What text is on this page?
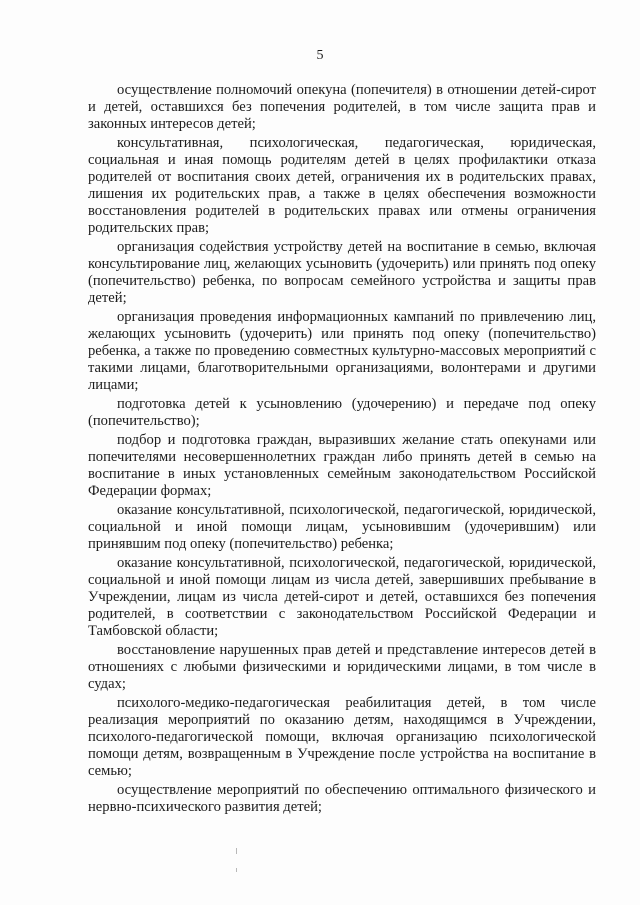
5

осуществление полномочий опекуна (попечителя) в отношении детей-сирот и детей, оставшихся без попечения родителей, в том числе защита прав и законных интересов детей;

консультативная, психологическая, педагогическая, юридическая, социальная и иная помощь родителям детей в целях профилактики отказа родителей от воспитания своих детей, ограничения их в родительских правах, лишения их родительских прав, а также в целях обеспечения возможности восстановления родителей в родительских правах или отмены ограничения родительских прав;

организация содействия устройству детей на воспитание в семью, включая консультирование лиц, желающих усыновить (удочерить) или принять под опеку (попечительство) ребенка, по вопросам семейного устройства и защиты прав детей;

организация проведения информационных кампаний по привлечению лиц, желающих усыновить (удочерить) или принять под опеку (попечительство) ребенка, а также по проведению совместных культурно-массовых мероприятий с такими лицами, благотворительными организациями, волонтерами и другими лицами;

подготовка детей к усыновлению (удочерению) и передаче под опеку (попечительство);

подбор и подготовка граждан, выразивших желание стать опекунами или попечителями несовершеннолетних граждан либо принять детей в семью на воспитание в иных установленных семейным законодательством Российской Федерации формах;

оказание консультативной, психологической, педагогической, юридической, социальной и иной помощи лицам, усыновившим (удочерившим) или принявшим под опеку (попечительство) ребенка;

оказание консультативной, психологической, педагогической, юридической, социальной и иной помощи лицам из числа детей, завершивших пребывание в Учреждении, лицам из числа детей-сирот и детей, оставшихся без попечения родителей, в соответствии с законодательством Российской Федерации и Тамбовской области;

восстановление нарушенных прав детей и представление интересов детей в отношениях с любыми физическими и юридическими лицами, в том числе в судах;

психолого-медико-педагогическая реабилитация детей, в том числе реализация мероприятий по оказанию детям, находящимся в Учреждении, психолого-педагогической помощи, включая организацию психологической помощи детям, возвращенным в Учреждение после устройства на воспитание в семью;

осуществление мероприятий по обеспечению оптимального физического и нервно-психического развития детей;
